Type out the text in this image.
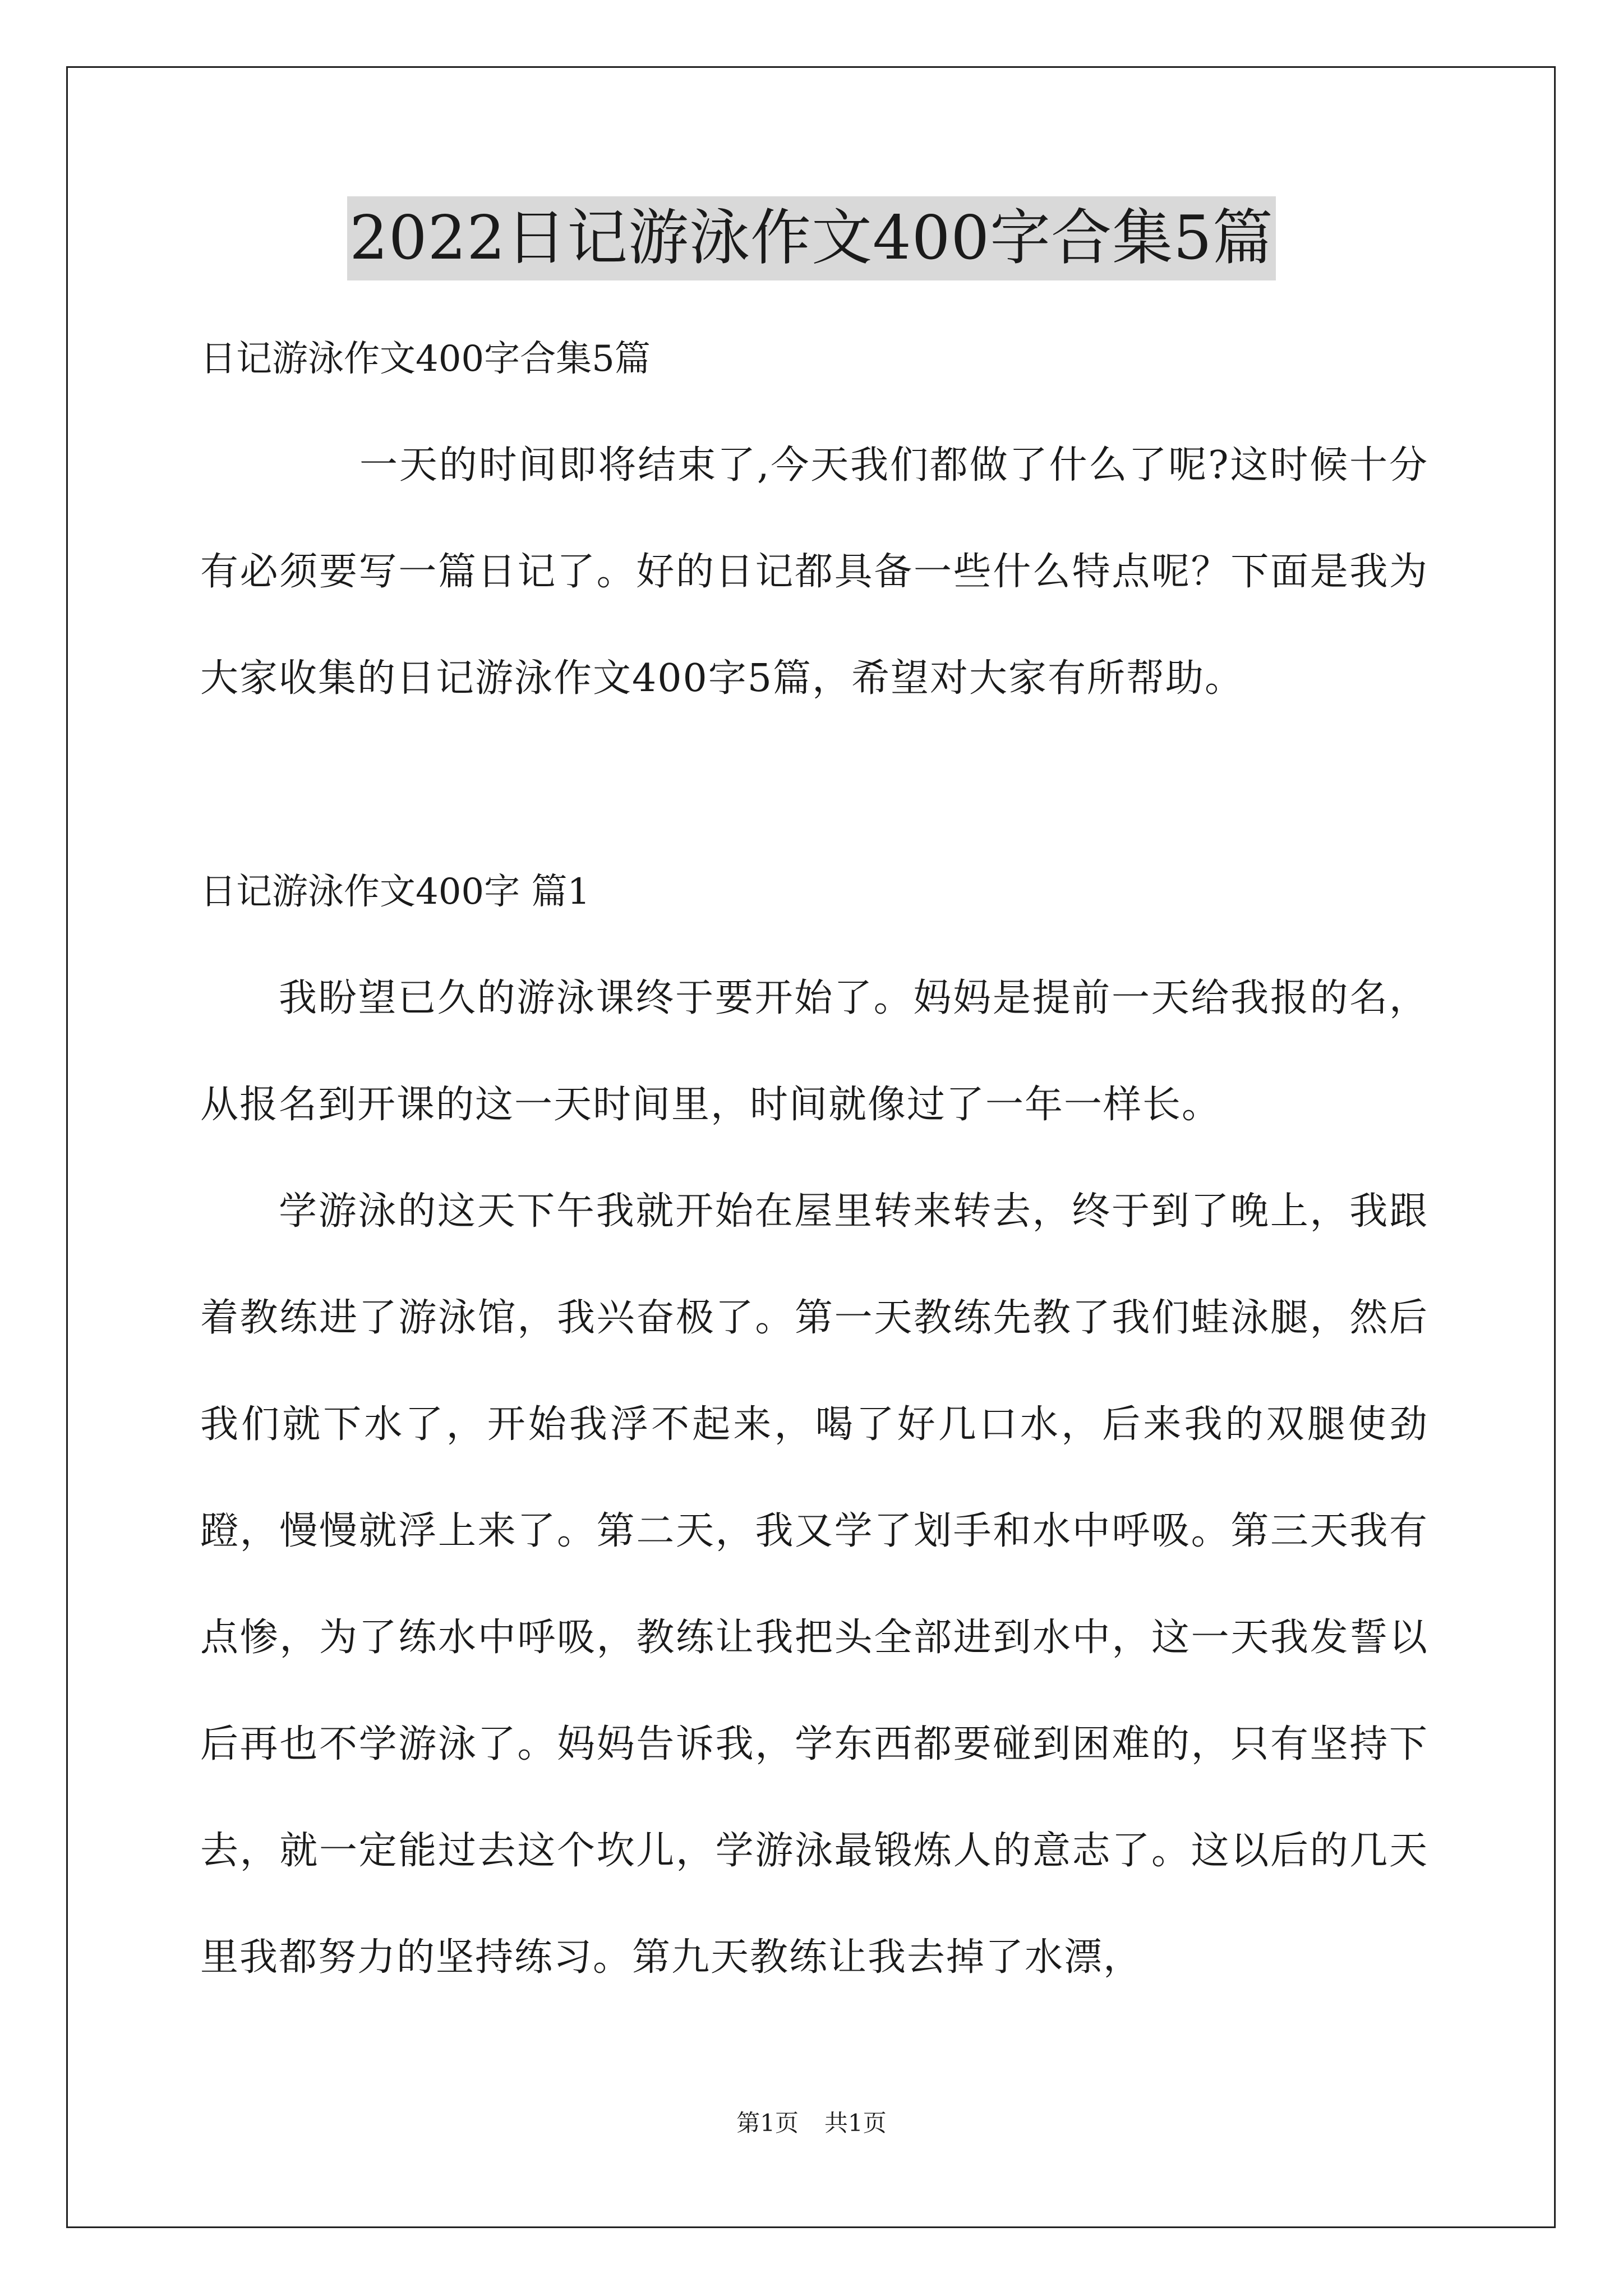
2022日记游泳作文400字合集5篇
日记游泳作文400字合集5篇
一天的时间即将结束了,今天我们都做了什么了呢?这时候十分有必须要写一篇日记了。好的日记都具备一些什么特点呢？下面是我为大家收集的日记游泳作文400字5篇，希望对大家有所帮助。
日记游泳作文400字 篇1
我盼望已久的游泳课终于要开始了。妈妈是提前一天给我报的名，从报名到开课的这一天时间里，时间就像过了一年一样长。
学游泳的这天下午我就开始在屋里转来转去，终于到了晚上，我跟着教练进了游泳馆，我兴奋极了。第一天教练先教了我们蛙泳腿，然后我们就下水了，开始我浮不起来，喝了好几口水，后来我的双腿使劲蹬，慢慢就浮上来了。第二天，我又学了划手和水中呼吸。第三天我有点惨，为了练水中呼吸，教练让我把头全部进到水中，这一天我发誓以后再也不学游泳了。妈妈告诉我，学东西都要碰到困难的，只有坚持下去，就一定能过去这个坎儿，学游泳最锻炼人的意志了。这以后的几天里我都努力的坚持练习。第九天教练让我去掉了水漂，
第1页 共1页
